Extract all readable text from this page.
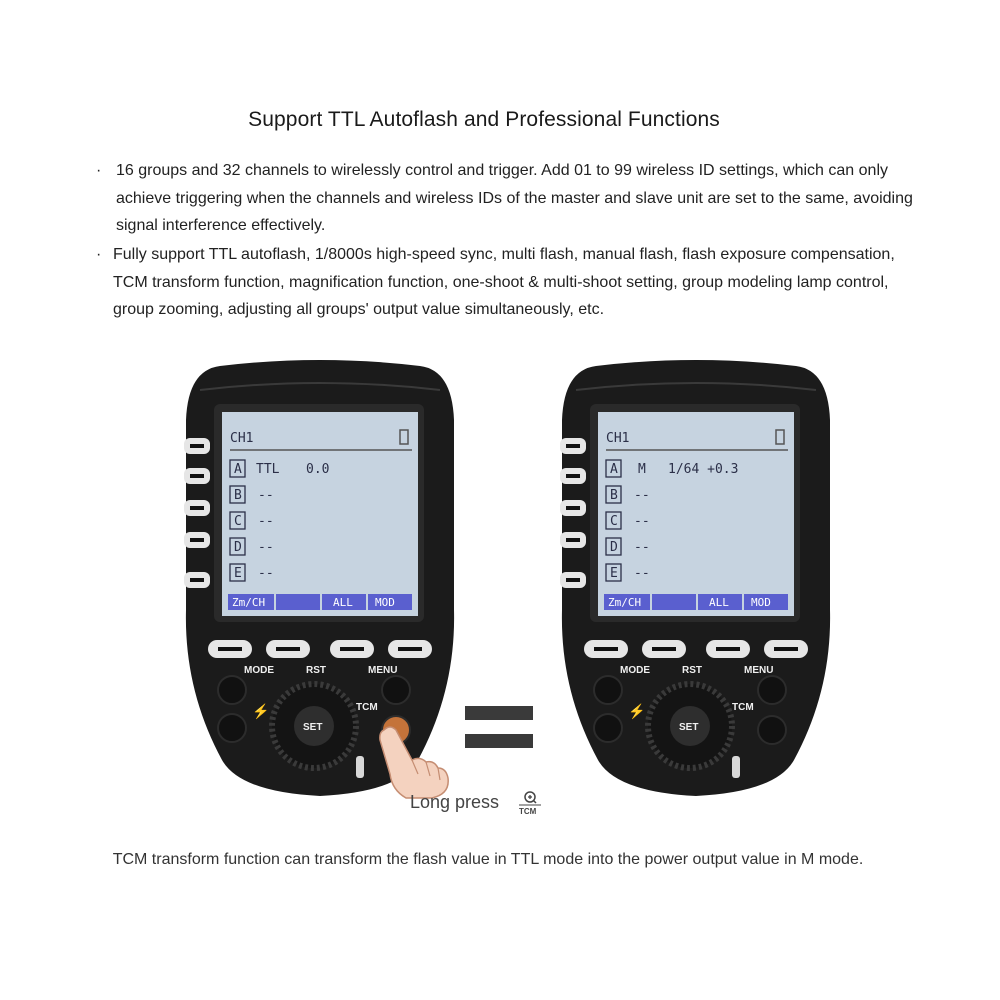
Support TTL Autoflash and Professional Functions
· 16 groups and 32 channels to wirelessly control and trigger. Add 01 to 99 wireless ID settings, which can only achieve triggering when the channels and wireless IDs of the master and slave unit are set to the same, avoiding signal interference effectively.
· Fully support TTL autoflash, 1/8000s high-speed sync, multi flash, manual flash, flash exposure compensation, TCM transform function, magnification function, one-shoot & multi-shoot setting, group modeling lamp control, group zooming, adjusting all groups' output value simultaneously, etc.
CH1
A TTL 0.0
B --
C --
D --
E --
Zm/CH	ALL MOD
MODE	RST	MENU
⚡
SET
TCM
CH1
A M 1/64 +0.3
B --
C --
D --
E --
Zm/CH	ALL MOD
MODE	RST	MENU
⚡
SET
TCM
Long press TCM
TCM transform function can transform the flash value in TTL mode into the power output value in M mode.
